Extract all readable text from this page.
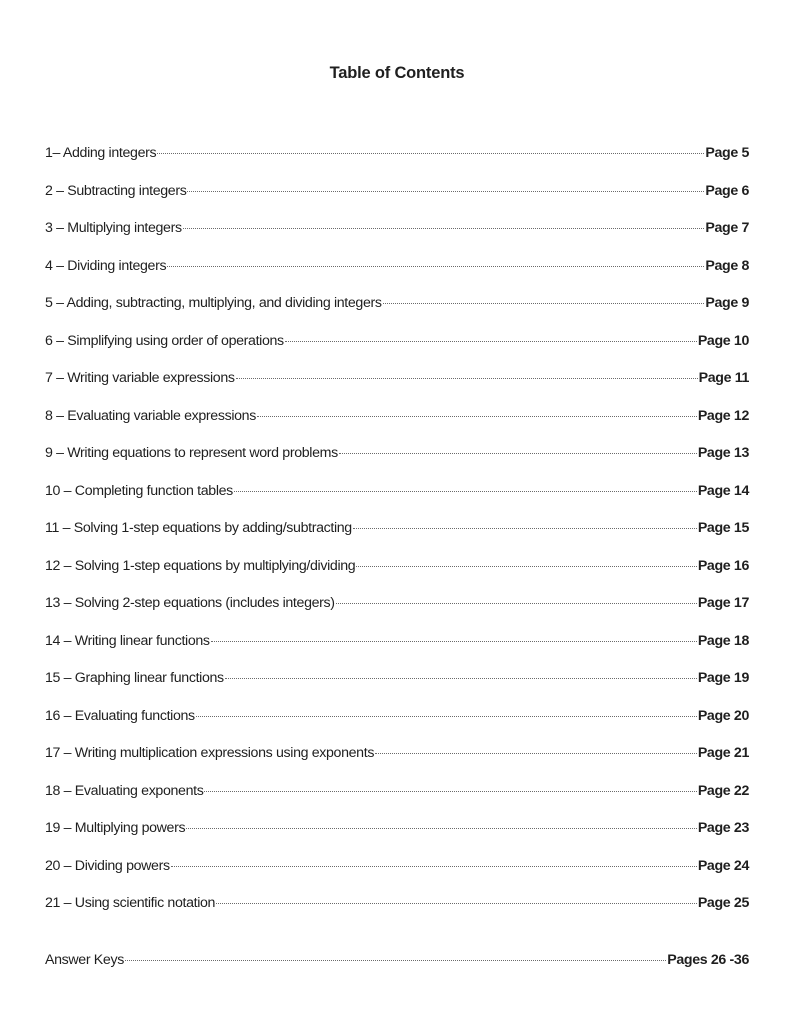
Table of Contents
1– Adding integers	Page 5
2 – Subtracting integers	Page 6
3 – Multiplying integers	Page 7
4 – Dividing integers	Page 8
5 – Adding, subtracting, multiplying, and dividing integers	Page 9
6 – Simplifying using order of operations	Page 10
7 – Writing variable expressions	Page 11
8 – Evaluating variable expressions	Page 12
9 – Writing equations to represent word problems	Page 13
10 – Completing function tables	Page 14
11 – Solving 1-step equations by adding/subtracting	Page 15
12 – Solving 1-step equations by multiplying/dividing	Page 16
13 – Solving 2-step equations (includes integers)	Page 17
14 – Writing linear functions	Page 18
15 – Graphing linear functions	Page 19
16 – Evaluating functions	Page 20
17 – Writing multiplication expressions using exponents	Page 21
18 – Evaluating exponents	Page 22
19 – Multiplying powers	Page 23
20 – Dividing powers	Page 24
21 – Using scientific notation	Page 25
Answer Keys	Pages 26 -36
